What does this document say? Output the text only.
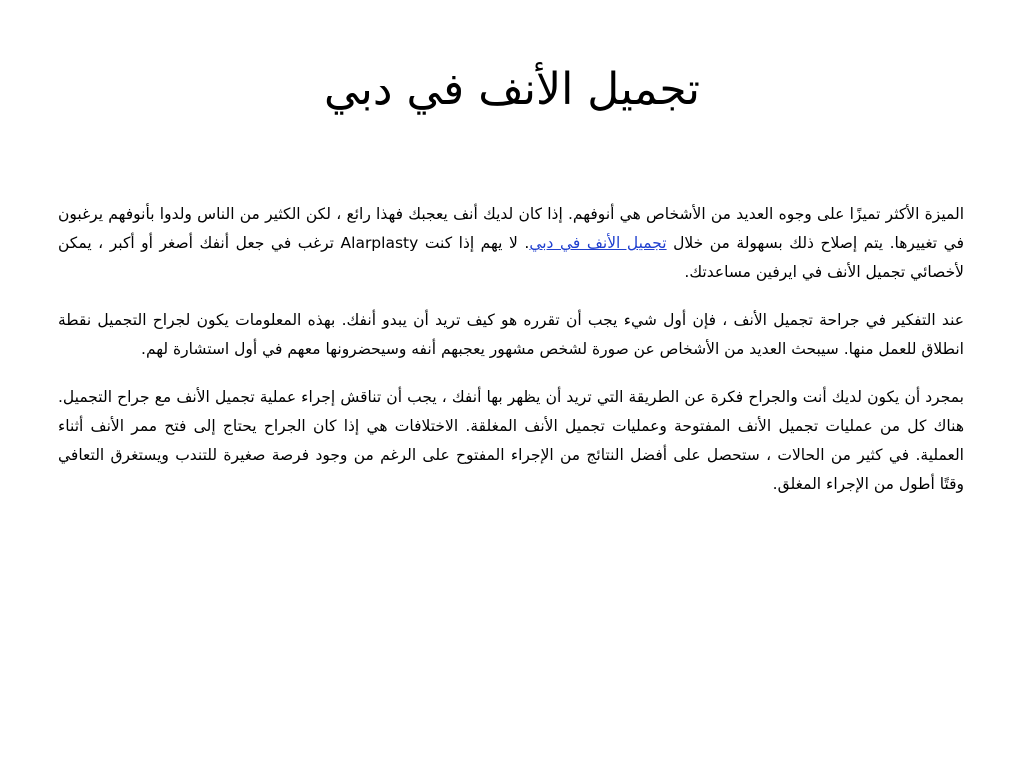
تجميل الأنف في دبي

الميزة الأكثر تميزًا على وجوه العديد من الأشخاص هي أنوفهم. إذا كان لديك أنف يعجبك فهذا رائع ، لكن الكثير من الناس ولدوا بأنوفهم يرغبون في تغييرها. يتم إصلاح ذلك بسهولة من خلال تجميل الأنف في دبي. لا يهم إذا كنت Alarplasty ترغب في جعل أنفك أصغر أو أكبر ، يمكن لأخصائي تجميل الأنف في ايرفين مساعدتك.

عند التفكير في جراحة تجميل الأنف ، فإن أول شيء يجب أن تقرره هو كيف تريد أن يبدو أنفك. بهذه المعلومات يكون لجراح التجميل نقطة انطلاق للعمل منها. سيبحث العديد من الأشخاص عن صورة لشخص مشهور يعجبهم أنفه وسيحضرونها معهم في أول استشارة لهم.

بمجرد أن يكون لديك أنت والجراح فكرة عن الطريقة التي تريد أن يظهر بها أنفك ، يجب أن تناقش إجراء عملية تجميل الأنف مع جراح التجميل. هناك كل من عمليات تجميل الأنف المفتوحة وعمليات تجميل الأنف المغلقة. الاختلافات هي إذا كان الجراح يحتاج إلى فتح ممر الأنف أثناء العملية. في كثير من الحالات ، ستحصل على أفضل النتائج من الإجراء المفتوح على الرغم من وجود فرصة صغيرة للتندب ويستغرق التعافي وقتًا أطول من الإجراء المغلق.
